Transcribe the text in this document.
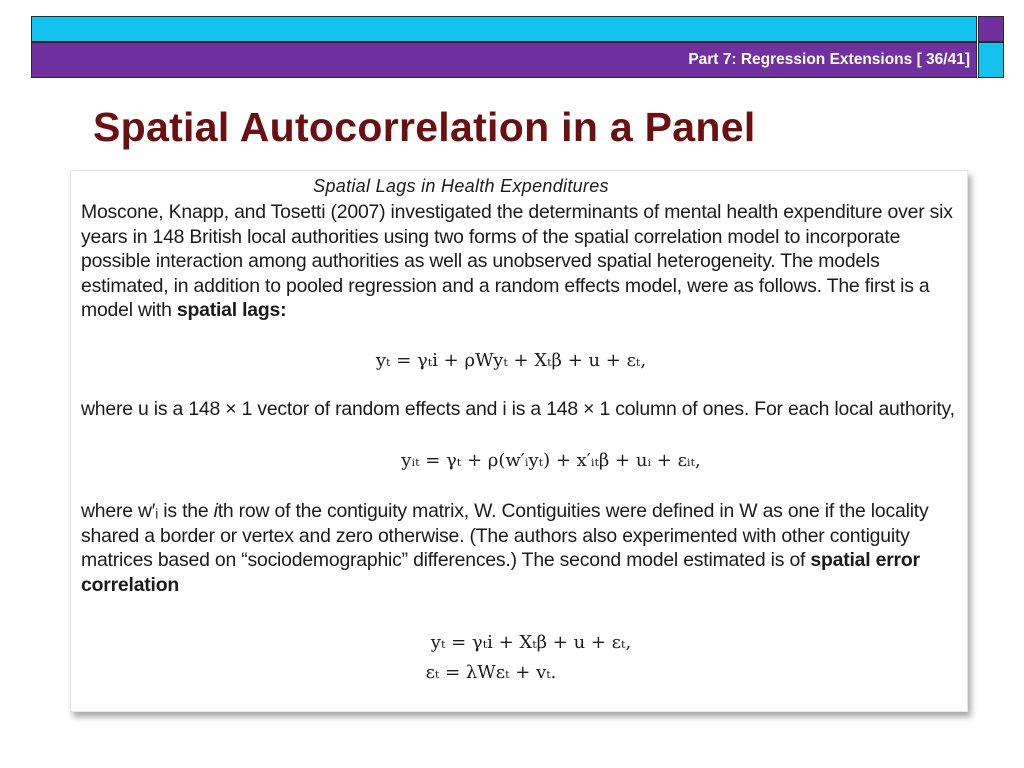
Part 7: Regression Extensions [ 36/41]
Spatial Autocorrelation in a Panel

Spatial Lags in Health Expenditures

Moscone, Knapp, and Tosetti (2007) investigated the determinants of mental health expenditure over six years in 148 British local authorities using two forms of the spatial correlation model to incorporate possible interaction among authorities as well as unobserved spatial heterogeneity. The models estimated, in addition to pooled regression and a random effects model, were as follows. The first is a model with spatial lags:

yₜ = γₜi + ρWyₜ + Xₜβ + u + εₜ,

where u is a 148 × 1 vector of random effects and i is a 148 × 1 column of ones. For each local authority,

yᵢₜ = γₜ + ρ(w′ᵢyₜ) + x′ᵢₜβ + uᵢ + εᵢₜ,

where w′ᵢ is the ith row of the contiguity matrix, W. Contiguities were defined in W as one if the locality shared a border or vertex and zero otherwise. (The authors also experimented with other contiguity matrices based on “sociodemographic” differences.) The second model estimated is of spatial error correlation

yₜ = γₜi + Xₜβ + u + εₜ,
εₜ = λWεₜ + vₜ.
